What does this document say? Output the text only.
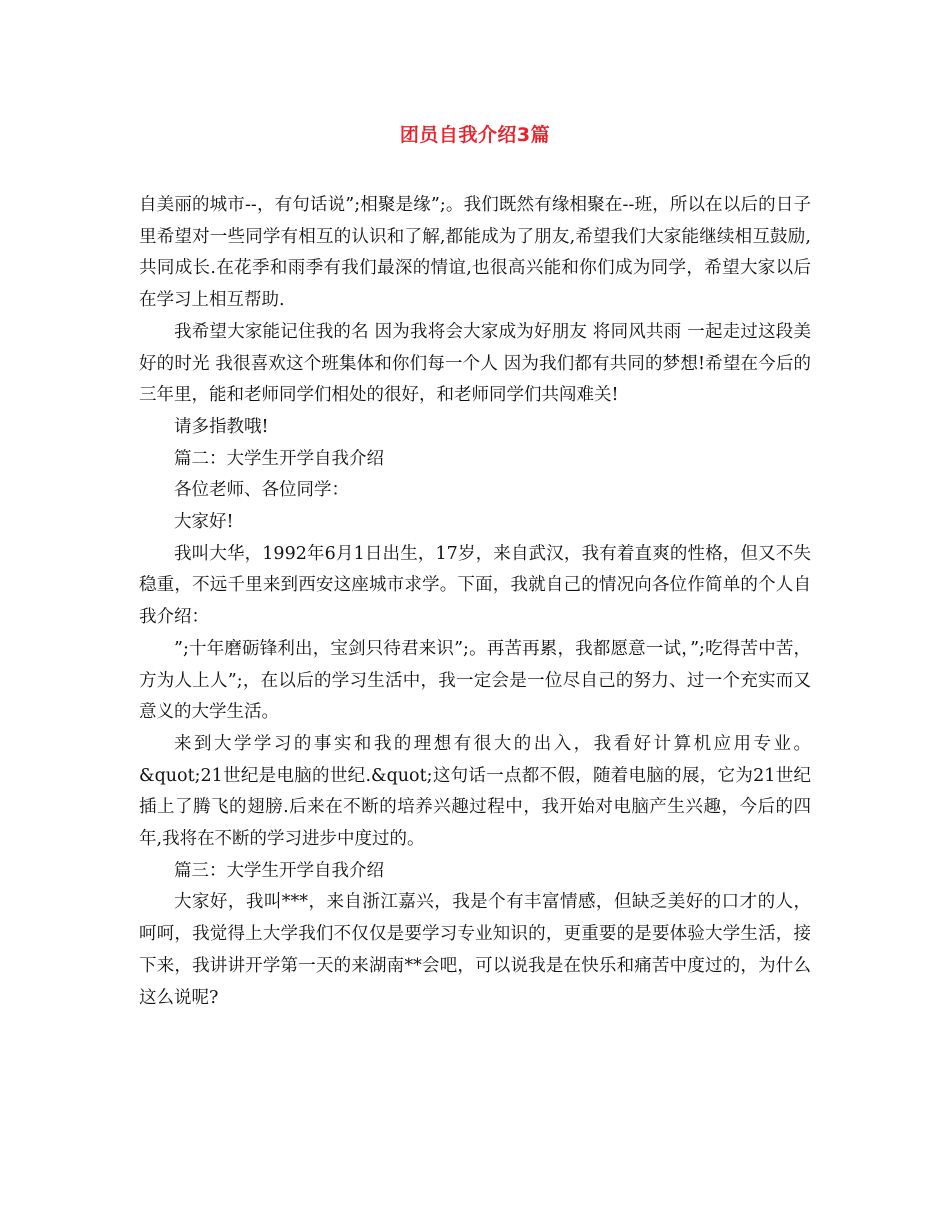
团员自我介绍3篇

自美丽的城市--，有句话说”;相聚是缘”;。我们既然有缘相聚在--班，所以在以后的日子里希望对一些同学有相互的认识和了解,都能成为了朋友,希望我们大家能继续相互鼓励,共同成长.在花季和雨季有我们最深的情谊,也很高兴能和你们成为同学，希望大家以后在学习上相互帮助.

我希望大家能记住我的名 因为我将会大家成为好朋友 将同风共雨 一起走过这段美好的时光 我很喜欢这个班集体和你们每一个人 因为我们都有共同的梦想!希望在今后的三年里，能和老师同学们相处的很好，和老师同学们共闯难关!

请多指教哦!

篇二：大学生开学自我介绍

各位老师、各位同学：

大家好!

我叫大华，1992年6月1日出生，17岁，来自武汉，我有着直爽的性格，但又不失稳重，不远千里来到西安这座城市求学。下面，我就自己的情况向各位作简单的个人自我介绍：

”;十年磨砺锋利出，宝剑只待君来识”;。再苦再累，我都愿意一试，”;吃得苦中苦，方为人上人”;，在以后的学习生活中，我一定会是一位尽自己的努力、过一个充实而又意义的大学生活。

来到大学学习的事实和我的理想有很大的出入，我看好计算机应用专业。&quot;21世纪是电脑的世纪.&quot;这句话一点都不假，随着电脑的展，它为21世纪插上了腾飞的翅膀.后来在不断的培养兴趣过程中，我开始对电脑产生兴趣，今后的四年,我将在不断的学习进步中度过的。

篇三：大学生开学自我介绍

大家好，我叫***，来自浙江嘉兴，我是个有丰富情感，但缺乏美好的口才的人，呵呵，我觉得上大学我们不仅仅是要学习专业知识的，更重要的是要体验大学生活，接下来，我讲讲开学第一天的来湖南**会吧，可以说我是在快乐和痛苦中度过的，为什么这么说呢?
